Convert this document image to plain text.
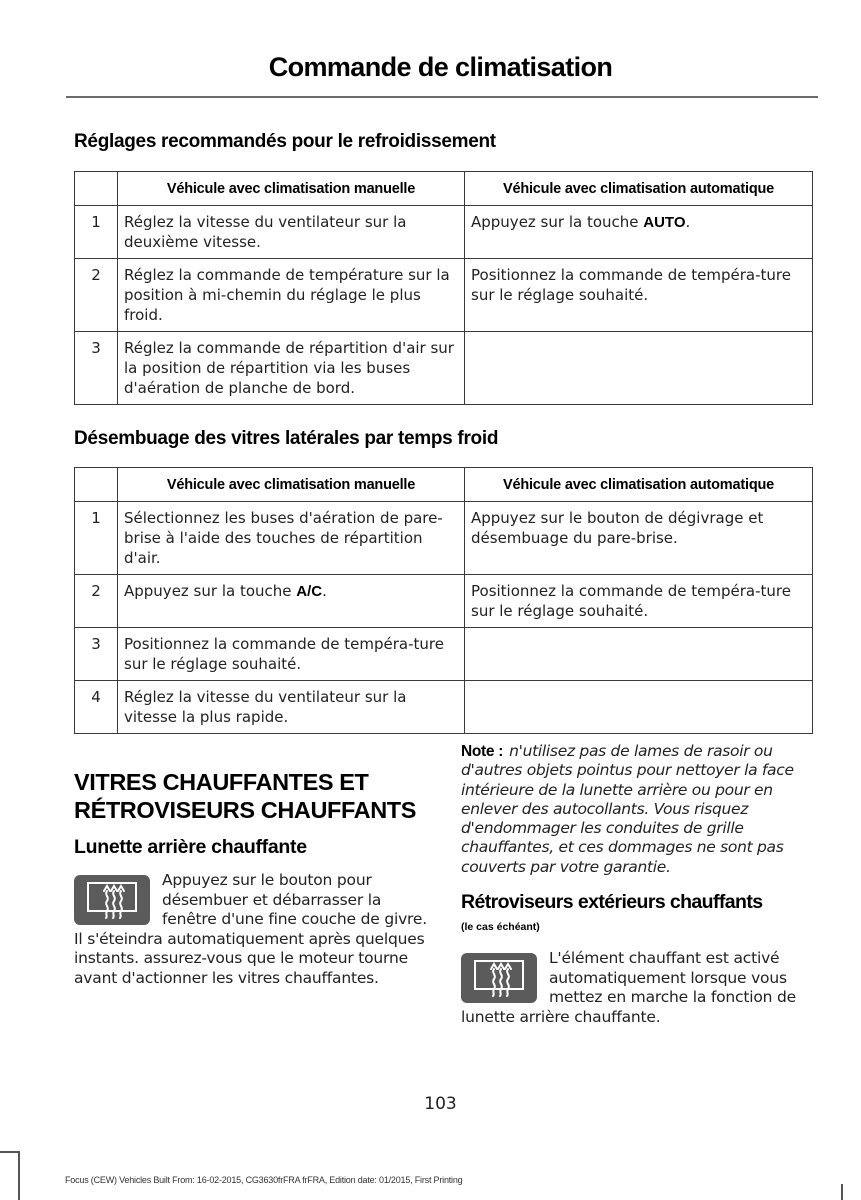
Commande de climatisation
Réglages recommandés pour le refroidissement
	Véhicule avec climatisation manuelle	Véhicule avec climatisation automatique
1	Réglez la vitesse du ventilateur sur la deuxième vitesse.	Appuyez sur la touche AUTO.
2	Réglez la commande de température sur la position à mi-chemin du réglage le plus froid.	Positionnez la commande de tempéra-ture sur le réglage souhaité.
3	Réglez la commande de répartition d'air sur la position de répartition via les buses d'aération de planche de bord.	
Désembuage des vitres latérales par temps froid
	Véhicule avec climatisation manuelle	Véhicule avec climatisation automatique
1	Sélectionnez les buses d'aération de pare-brise à l'aide des touches de répartition d'air.	Appuyez sur le bouton de dégivrage et désembuage du pare-brise.
2	Appuyez sur la touche A/C.	Positionnez la commande de tempéra-ture sur le réglage souhaité.
3	Positionnez la commande de tempéra-ture sur le réglage souhaité.	
4	Réglez la vitesse du ventilateur sur la vitesse la plus rapide.	
VITRES CHAUFFANTES ET RÉTROVISEURS CHAUFFANTS
Lunette arrière chauffante
Appuyez sur le bouton pour désembuer et débarrasser la fenêtre d'une fine couche de givre. Il s'éteindra automatiquement après quelques instants. assurez-vous que le moteur tourne avant d'actionner les vitres chauffantes.
Note : n'utilisez pas de lames de rasoir ou d'autres objets pointus pour nettoyer la face intérieure de la lunette arrière ou pour en enlever des autocollants. Vous risquez d'endommager les conduites de grille chauffantes, et ces dommages ne sont pas couverts par votre garantie.
Rétroviseurs extérieurs chauffants
(le cas échéant)
L'élément chauffant est activé automatiquement lorsque vous mettez en marche la fonction de lunette arrière chauffante.
103
Focus (CEW) Vehicles Built From: 16-02-2015, CG3630frFRA frFRA, Edition date: 01/2015, First Printing
